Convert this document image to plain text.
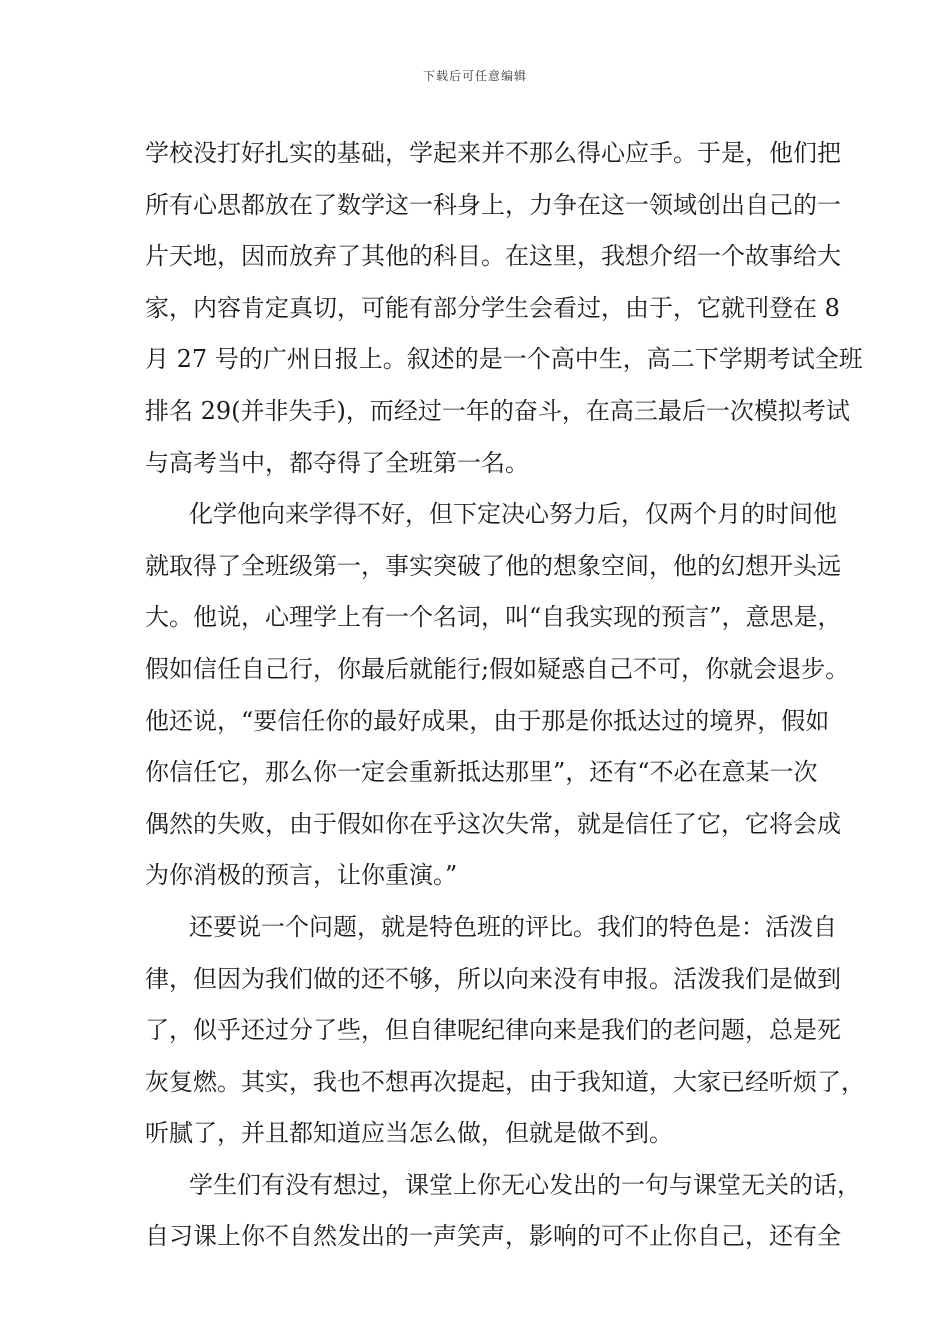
下载后可任意编辑
学校没打好扎实的基础，学起来并不那么得心应手。于是，他们把
所有心思都放在了数学这一科身上，力争在这一领域创出自己的一
片天地，因而放弃了其他的科目。在这里，我想介绍一个故事给大
家，内容肯定真切，可能有部分学生会看过，由于，它就刊登在 8
月 27 号的广州日报上。叙述的是一个高中生，高二下学期考试全班
排名 29(并非失手)，而经过一年的奋斗，在高三最后一次模拟考试
与高考当中，都夺得了全班第一名。
化学他向来学得不好，但下定决心努力后，仅两个月的时间他
就取得了全班级第一，事实突破了他的想象空间，他的幻想开头远
大。他说，心理学上有一个名词，叫“自我实现的预言”，意思是，
假如信任自己行，你最后就能行;假如疑惑自己不可，你就会退步。
他还说，“要信任你的最好成果，由于那是你抵达过的境界，假如
你信任它，那么你一定会重新抵达那里”，还有“不必在意某一次
偶然的失败，由于假如你在乎这次失常，就是信任了它，它将会成
为你消极的预言，让你重演。”
还要说一个问题，就是特色班的评比。我们的特色是：活泼自
律，但因为我们做的还不够，所以向来没有申报。活泼我们是做到
了，似乎还过分了些，但自律呢纪律向来是我们的老问题，总是死
灰复燃。其实，我也不想再次提起，由于我知道，大家已经听烦了，
听腻了，并且都知道应当怎么做，但就是做不到。
学生们有没有想过，课堂上你无心发出的一句与课堂无关的话，
自习课上你不自然发出的一声笑声，影响的可不止你自己，还有全
